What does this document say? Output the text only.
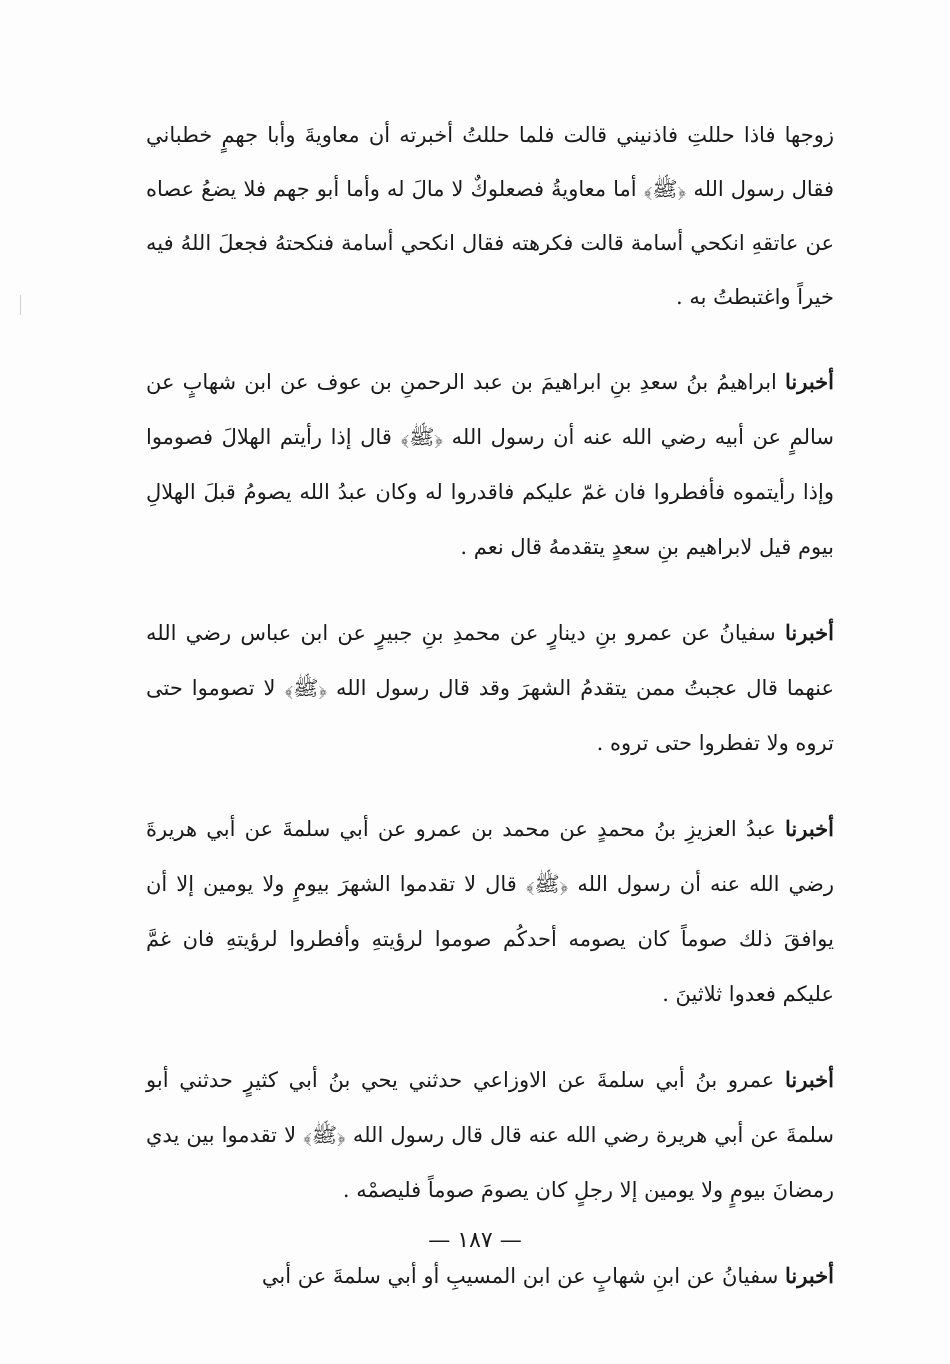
زوجها فاذا حللتِ فاذنيني قالت فلما حللتُ أخبرته أن معاويةَ وأبا جهمٍ خطباني فقال رسول الله ﴿ﷺ﴾ أما معاويةُ فصعلوكٌ لا مالَ له وأما أبو جهم فلا يضعُ عصاه عن عاتقهِ انكحي أسامة قالت فكرهته فقال انكحي أسامة فنكحتهُ فجعلَ اللهُ فيه خيراً واغتبطتُ به .

أخبرنا ابراهيمُ بنُ سعدِ بنِ ابراهيمَ بن عبد الرحمنِ بن عوف عن ابن شهابٍ عن سالمٍ عن أبيه رضي الله عنه أن رسول الله ﴿ﷺ﴾ قال إذا رأيتم الهلالَ فصوموا وإذا رأيتموه فأفطروا فان غمّ عليكم فاقدروا له وكان عبدُ الله يصومُ قبلَ الهلالِ بيوم قيل لابراهيم بنِ سعدٍ يتقدمهُ قال نعم .

أخبرنا سفيانُ عن عمرو بنِ دينارٍ عن محمدِ بنِ جبيرٍ عن ابن عباس رضي الله عنهما قال عجبتُ ممن يتقدمُ الشهرَ وقد قال رسول الله ﴿ﷺ﴾ لا تصوموا حتى تروه ولا تفطروا حتى تروه .

أخبرنا عبدُ العزيزِ بنُ محمدٍ عن محمد بن عمرو عن أبي سلمةَ عن أبي هريرةَ رضي الله عنه أن رسول الله ﴿ﷺ﴾ قال لا تقدموا الشهرَ بيومٍ ولا يومين إلا أن يوافقَ ذلك صوماً كان يصومه أحدكُم صوموا لرؤيتهِ وأفطروا لرؤيتهِ فان غمَّ عليكم فعدوا ثلاثينَ .

أخبرنا عمرو بنُ أبي سلمةَ عن الاوزاعي حدثني يحي بنُ أبي كثيرٍ حدثني أبو سلمةَ عن أبي هريرة رضي الله عنه قال قال رسول الله ﴿ﷺ﴾ لا تقدموا بين يدي رمضانَ بيومٍ ولا يومين إلا رجلٍ كان يصومَ صوماً فليصمْه .

أخبرنا سفيانُ عن ابنِ شهابٍ عن ابن المسيبِ أو أبي سلمةَ عن أبي

— ١٨٧ —
